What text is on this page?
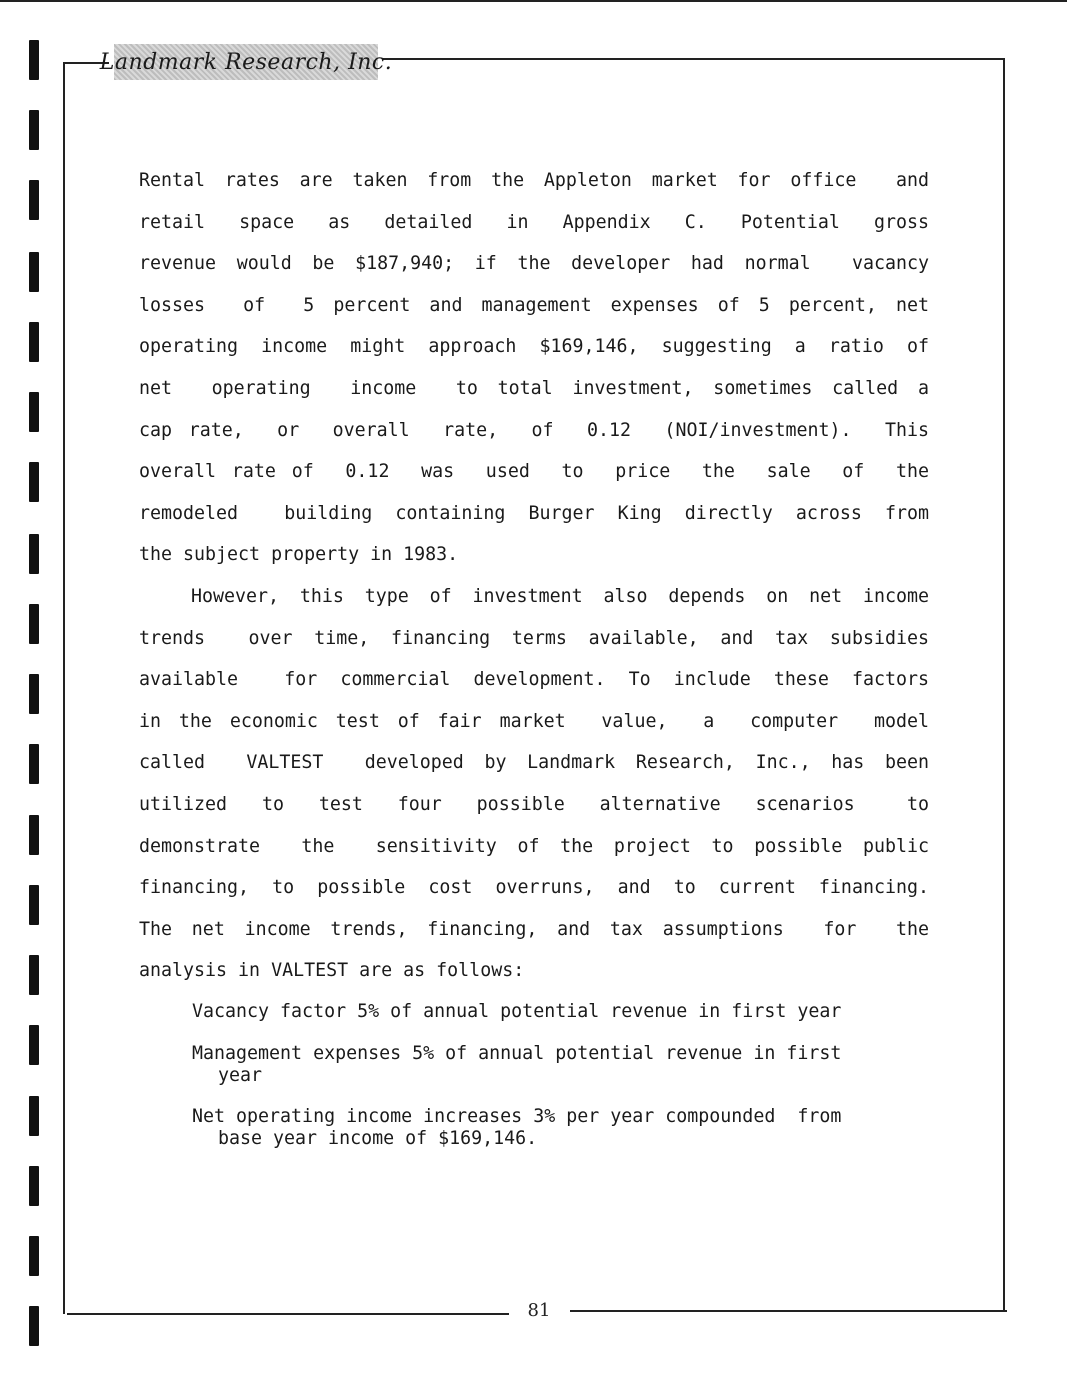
Landmark Research, Inc.
Rental rates are taken from the Appleton market for office  and
retail  space  as  detailed  in  Appendix  C.  Potential  gross
revenue would be $187,940; if the developer had normal  vacancy
losses  of  5 percent and management expenses of 5 percent, net
operating income might approach $169,146, suggesting a ratio of
net  operating  income  to total investment, sometimes called a
cap rate,  or  overall  rate,  of  0.12  (NOI/investment).  This
overall rate of  0.12  was  used  to  price  the  sale  of  the
remodeled  building containing Burger King directly across from
the subject property in 1983.
However, this type of investment also depends on net income
trends  over time, financing terms available, and tax subsidies
available  for commercial development. To include these factors
in the economic test of fair market  value,  a  computer  model
called  VALTEST  developed by Landmark Research, Inc., has been
utilized  to  test  four  possible  alternative  scenarios   to
demonstrate  the  sensitivity of the project to possible public
financing, to possible cost overruns, and to current financing.
The net income trends, financing, and tax assumptions  for  the
analysis in VALTEST are as follows:
Vacancy factor 5% of annual potential revenue in first year
Management expenses 5% of annual potential revenue in first
year
Net operating income increases 3% per year compounded  from
base year income of $169,146.
81
